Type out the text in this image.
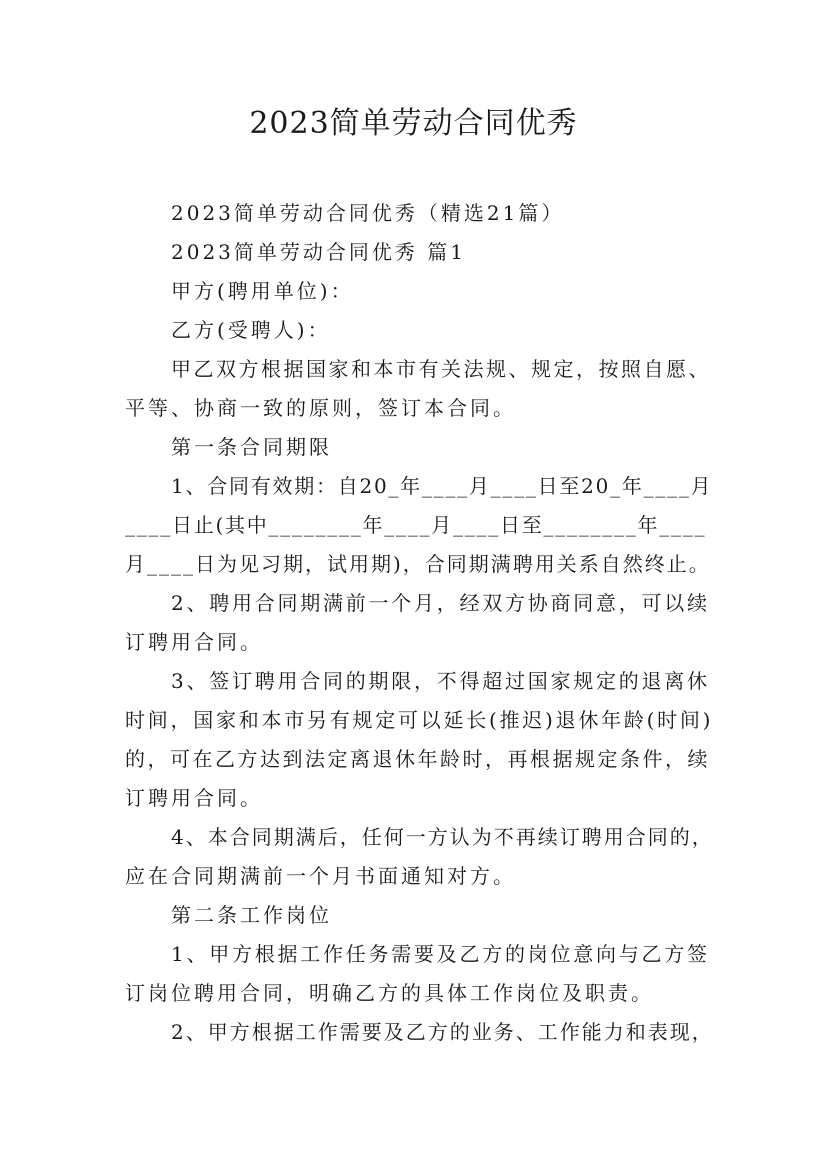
2023简单劳动合同优秀
2023简单劳动合同优秀（精选21篇）
2023简单劳动合同优秀 篇1
甲方(聘用单位)：
乙方(受聘人)：
甲乙双方根据国家和本市有关法规、规定，按照自愿、
平等、协商一致的原则，签订本合同。
第一条合同期限
1、合同有效期：自20_年____月____日至20_年____月
____日止(其中________年____月____日至________年____
月____日为见习期，试用期)，合同期满聘用关系自然终止。
2、聘用合同期满前一个月，经双方协商同意，可以续
订聘用合同。
3、签订聘用合同的期限，不得超过国家规定的退离休
时间，国家和本市另有规定可以延长(推迟)退休年龄(时间)
的，可在乙方达到法定离退休年龄时，再根据规定条件，续
订聘用合同。
4、本合同期满后，任何一方认为不再续订聘用合同的，
应在合同期满前一个月书面通知对方。
第二条工作岗位
1、甲方根据工作任务需要及乙方的岗位意向与乙方签
订岗位聘用合同，明确乙方的具体工作岗位及职责。
2、甲方根据工作需要及乙方的业务、工作能力和表现，
